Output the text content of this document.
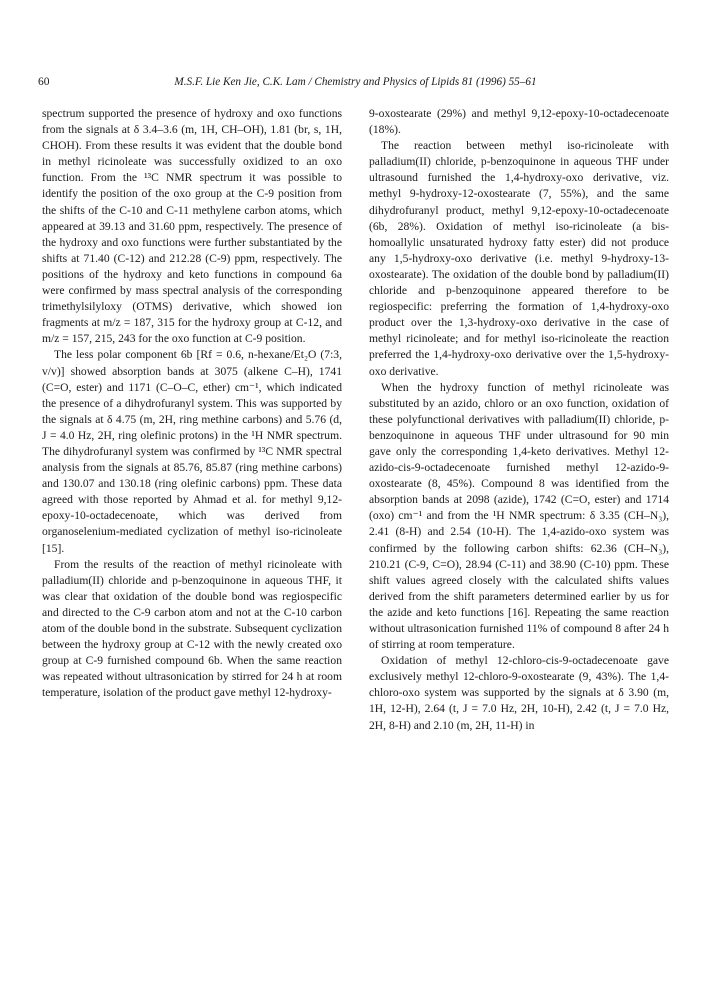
60	M.S.F. Lie Ken Jie, C.K. Lam / Chemistry and Physics of Lipids 81 (1996) 55–61

spectrum supported the presence of hydroxy and oxo functions from the signals at δ 3.4–3.6 (m, 1H, CH–OH), 1.81 (br, s, 1H, CHOH). From these results it was evident that the double bond in methyl ricinoleate was successfully oxidized to an oxo function. From the ¹³C NMR spectrum it was possible to identify the position of the oxo group at the C-9 position from the shifts of the C-10 and C-11 methylene carbon atoms, which appeared at 39.13 and 31.60 ppm, respectively. The presence of the hydroxy and oxo functions were further substantiated by the shifts at 71.40 (C-12) and 212.28 (C-9) ppm, respectively. The positions of the hydroxy and keto functions in compound 6a were confirmed by mass spectral analysis of the corresponding trimethylsilyloxy (OTMS) derivative, which showed ion fragments at m/z = 187, 315 for the hydroxy group at C-12, and m/z = 157, 215, 243 for the oxo function at C-9 position.

The less polar component 6b [Rf = 0.6, n-hexane/Et₂O (7:3, v/v)] showed absorption bands at 3075 (alkene C–H), 1741 (C=O, ester) and 1171 (C–O–C, ether) cm⁻¹, which indicated the presence of a dihydrofuranyl system. This was supported by the signals at δ 4.75 (m, 2H, ring methine carbons) and 5.76 (d, J = 4.0 Hz, 2H, ring olefinic protons) in the ¹H NMR spectrum. The dihydrofuranyl system was confirmed by ¹³C NMR spectral analysis from the signals at 85.76, 85.87 (ring methine carbons) and 130.07 and 130.18 (ring olefinic carbons) ppm. These data agreed with those reported by Ahmad et al. for methyl 9,12-epoxy-10-octadecenoate, which was derived from organoselenium-mediated cyclization of methyl iso-ricinoleate [15].

From the results of the reaction of methyl ricinoleate with palladium(II) chloride and p-benzoquinone in aqueous THF, it was clear that oxidation of the double bond was regiospecific and directed to the C-9 carbon atom and not at the C-10 carbon atom of the double bond in the substrate. Subsequent cyclization between the hydroxy group at C-12 with the newly created oxo group at C-9 furnished compound 6b. When the same reaction was repeated without ultrasonication by stirred for 24 h at room temperature, isolation of the product gave methyl 12-hydroxy-

9-oxostearate (29%) and methyl 9,12-epoxy-10-octadecenoate (18%).

The reaction between methyl iso-ricinoleate with palladium(II) chloride, p-benzoquinone in aqueous THF under ultrasound furnished the 1,4-hydroxy-oxo derivative, viz. methyl 9-hydroxy-12-oxostearate (7, 55%), and the same dihydrofuranyl product, methyl 9,12-epoxy-10-octadecenoate (6b, 28%). Oxidation of methyl iso-ricinoleate (a bis-homoallylic unsaturated hydroxy fatty ester) did not produce any 1,5-hydroxy-oxo derivative (i.e. methyl 9-hydroxy-13-oxostearate). The oxidation of the double bond by palladium(II) chloride and p-benzoquinone appeared therefore to be regiospecific: preferring the formation of 1,4-hydroxy-oxo product over the 1,3-hydroxy-oxo derivative in the case of methyl ricinoleate; and for methyl iso-ricinoleate the reaction preferred the 1,4-hydroxy-oxo derivative over the 1,5-hydroxy-oxo derivative.

When the hydroxy function of methyl ricinoleate was substituted by an azido, chloro or an oxo function, oxidation of these polyfunctional derivatives with palladium(II) chloride, p-benzoquinone in aqueous THF under ultrasound for 90 min gave only the corresponding 1,4-keto derivatives. Methyl 12-azido-cis-9-octadecenoate furnished methyl 12-azido-9-oxostearate (8, 45%). Compound 8 was identified from the absorption bands at 2098 (azide), 1742 (C=O, ester) and 1714 (oxo) cm⁻¹ and from the ¹H NMR spectrum: δ 3.35 (CH–N₃), 2.41 (8-H) and 2.54 (10-H). The 1,4-azido-oxo system was confirmed by the following carbon shifts: 62.36 (CH–N₃), 210.21 (C-9, C=O), 28.94 (C-11) and 38.90 (C-10) ppm. These shift values agreed closely with the calculated shifts values derived from the shift parameters determined earlier by us for the azide and keto functions [16]. Repeating the same reaction without ultrasonication furnished 11% of compound 8 after 24 h of stirring at room temperature.

Oxidation of methyl 12-chloro-cis-9-octadecenoate gave exclusively methyl 12-chloro-9-oxostearate (9, 43%). The 1,4-chloro-oxo system was supported by the signals at δ 3.90 (m, 1H, 12-H), 2.64 (t, J = 7.0 Hz, 2H, 10-H), 2.42 (t, J = 7.0 Hz, 2H, 8-H) and 2.10 (m, 2H, 11-H) in
